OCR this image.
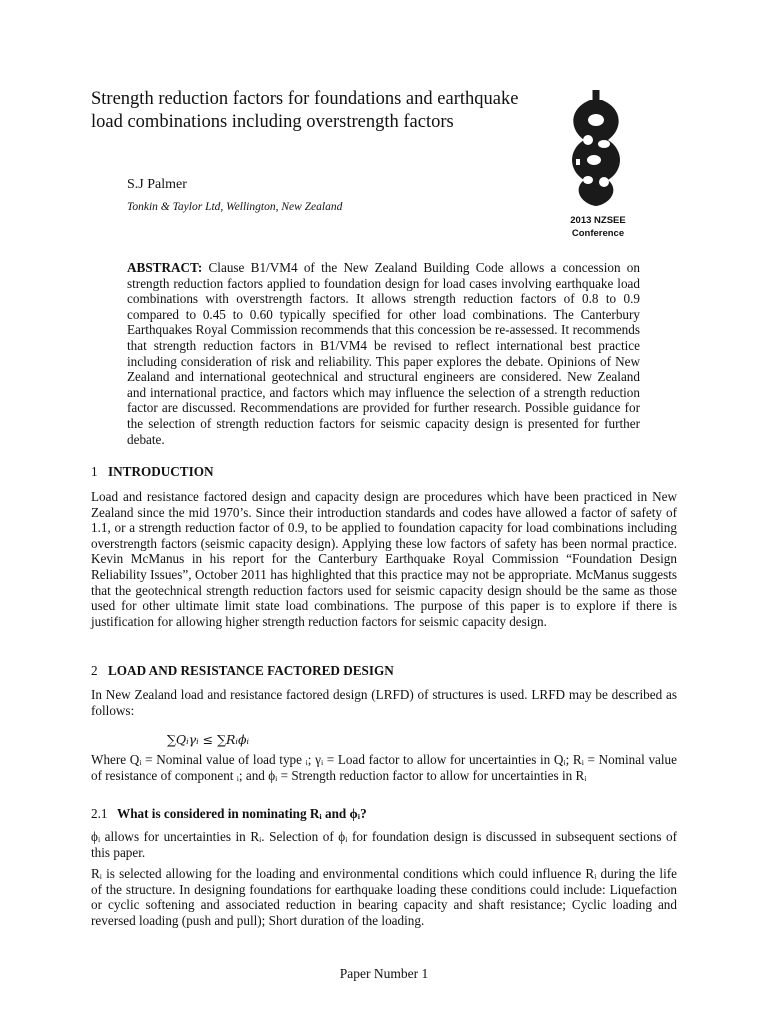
Strength reduction factors for foundations and earthquake load combinations including overstrength factors
S.J Palmer
Tonkin & Taylor Ltd, Wellington, New Zealand
2013 NZSEE
Conference

ABSTRACT: Clause B1/VM4 of the New Zealand Building Code allows a concession on strength reduction factors applied to foundation design for load cases involving earthquake load combinations with overstrength factors. It allows strength reduction factors of 0.8 to 0.9 compared to 0.45 to 0.60 typically specified for other load combinations. The Canterbury Earthquakes Royal Commission recommends that this concession be re-assessed. It recommends that strength reduction factors in B1/VM4 be revised to reflect international best practice including consideration of risk and reliability. This paper explores the debate. Opinions of New Zealand and international geotechnical and structural engineers are considered. New Zealand and international practice, and factors which may influence the selection of a strength reduction factor are discussed. Recommendations are provided for further research. Possible guidance for the selection of strength reduction factors for seismic capacity design is presented for further debate.

1 INTRODUCTION

Load and resistance factored design and capacity design are procedures which have been practiced in New Zealand since the mid 1970’s. Since their introduction standards and codes have allowed a factor of safety of 1.1, or a strength reduction factor of 0.9, to be applied to foundation capacity for load combinations including overstrength factors (seismic capacity design). Applying these low factors of safety has been normal practice. Kevin McManus in his report for the Canterbury Earthquake Royal Commission “Foundation Design Reliability Issues”, October 2011 has highlighted that this practice may not be appropriate. McManus suggests that the geotechnical strength reduction factors used for seismic capacity design should be the same as those used for other ultimate limit state load combinations. The purpose of this paper is to explore if there is justification for allowing higher strength reduction factors for seismic capacity design.

2 LOAD AND RESISTANCE FACTORED DESIGN

In New Zealand load and resistance factored design (LRFD) of structures is used. LRFD may be described as follows:

∑Qᵢγᵢ ≤ ∑Rᵢϕᵢ

Where Qᵢ = Nominal value of load type ᵢ; γᵢ = Load factor to allow for uncertainties in Qᵢ; Rᵢ = Nominal value of resistance of component ᵢ; and ϕᵢ = Strength reduction factor to allow for uncertainties in Rᵢ

2.1 What is considered in nominating Rᵢ and ϕᵢ?

ϕᵢ allows for uncertainties in Rᵢ. Selection of ϕᵢ for foundation design is discussed in subsequent sections of this paper.

Rᵢ is selected allowing for the loading and environmental conditions which could influence Rᵢ during the life of the structure. In designing foundations for earthquake loading these conditions could include: Liquefaction or cyclic softening and associated reduction in bearing capacity and shaft resistance; Cyclic loading and reversed loading (push and pull); Short duration of the loading.

Paper Number 1
